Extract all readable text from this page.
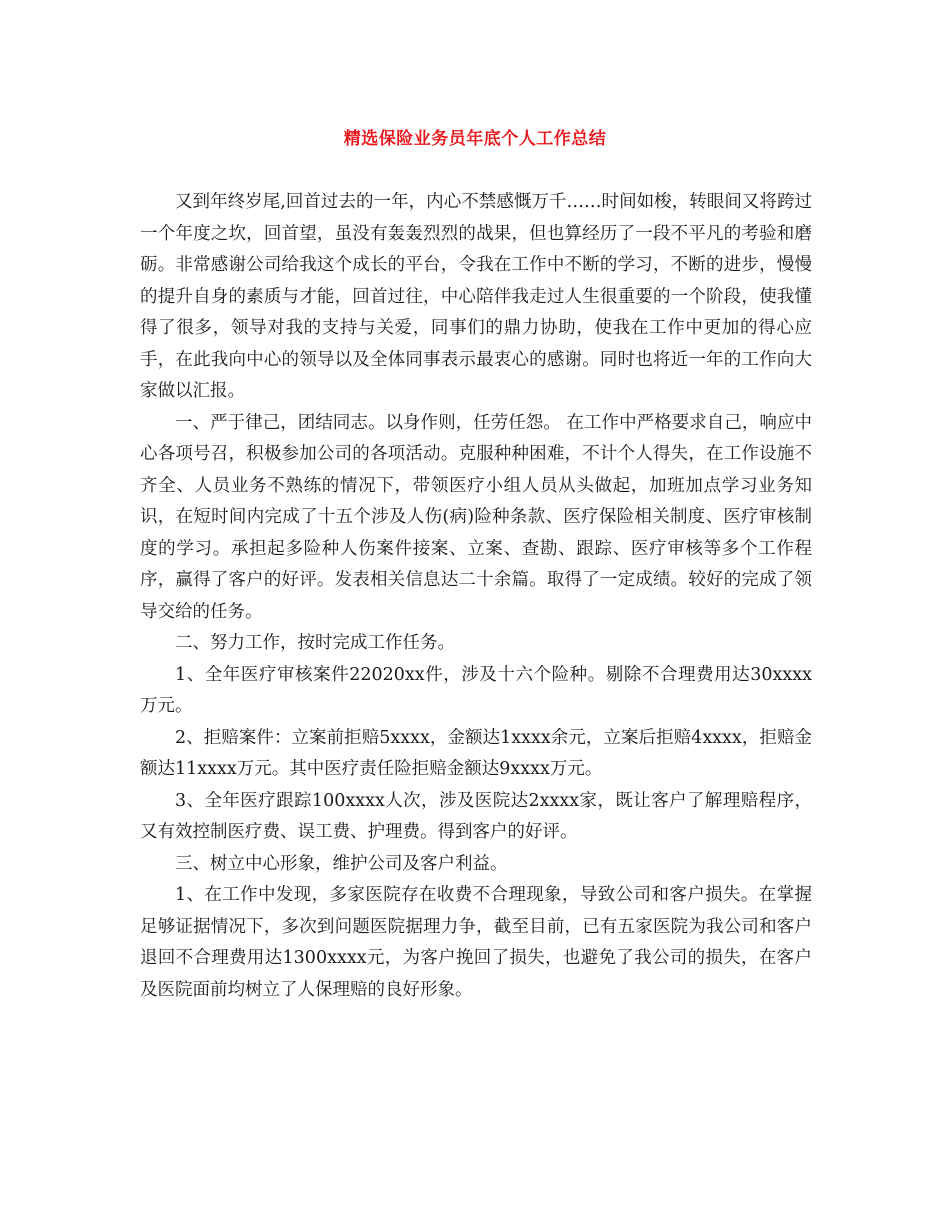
精选保险业务员年底个人工作总结

又到年终岁尾,回首过去的一年，内心不禁感慨万千……时间如梭，转眼间又将跨过一个年度之坎，回首望，虽没有轰轰烈烈的战果，但也算经历了一段不平凡的考验和磨砺。非常感谢公司给我这个成长的平台，令我在工作中不断的学习，不断的进步，慢慢的提升自身的素质与才能，回首过往，中心陪伴我走过人生很重要的一个阶段，使我懂得了很多，领导对我的支持与关爱，同事们的鼎力协助，使我在工作中更加的得心应手，在此我向中心的领导以及全体同事表示最衷心的感谢。同时也将近一年的工作向大家做以汇报。

一、严于律己，团结同志。以身作则，任劳任怨。 在工作中严格要求自己，响应中心各项号召，积极参加公司的各项活动。克服种种困难，不计个人得失，在工作设施不齐全、人员业务不熟练的情况下，带领医疗小组人员从头做起，加班加点学习业务知识，在短时间内完成了十五个涉及人伤(病)险种条款、医疗保险相关制度、医疗审核制度的学习。承担起多险种人伤案件接案、立案、查勘、跟踪、医疗审核等多个工作程序，赢得了客户的好评。发表相关信息达二十余篇。取得了一定成绩。较好的完成了领导交给的任务。

二、努力工作，按时完成工作任务。

1、全年医疗审核案件22020xx件，涉及十六个险种。剔除不合理费用达30xxxx万元。

2、拒赔案件：立案前拒赔5xxxx，金额达1xxxx余元，立案后拒赔4xxxx，拒赔金额达11xxxx万元。其中医疗责任险拒赔金额达9xxxx万元。

3、全年医疗跟踪100xxxx人次，涉及医院达2xxxx家，既让客户了解理赔程序，又有效控制医疗费、误工费、护理费。得到客户的好评。

三、树立中心形象，维护公司及客户利益。

1、在工作中发现，多家医院存在收费不合理现象，导致公司和客户损失。在掌握足够证据情况下，多次到问题医院据理力争，截至目前，已有五家医院为我公司和客户退回不合理费用达1300xxxx元，为客户挽回了损失，也避免了我公司的损失，在客户及医院面前均树立了人保理赔的良好形象。
